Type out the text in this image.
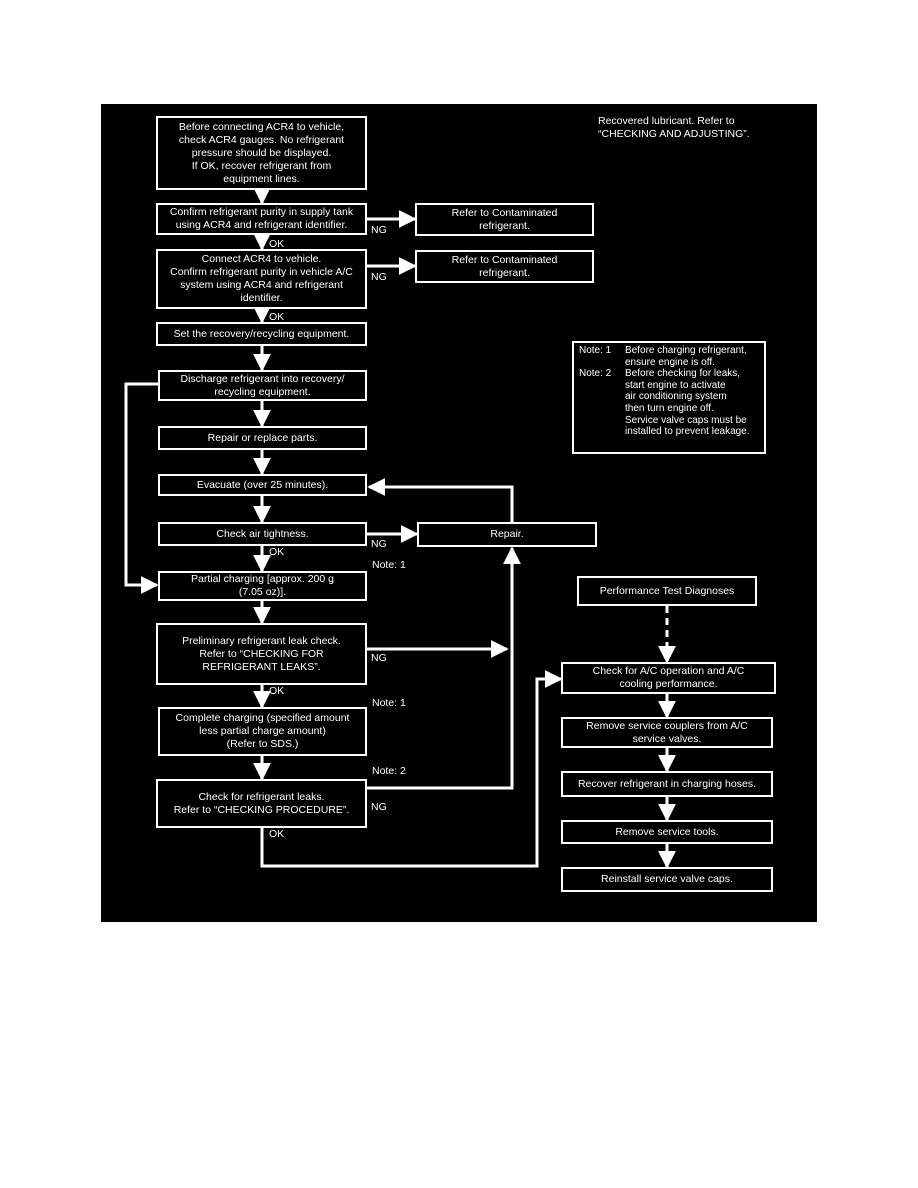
Recovered lubricant. Refer to
“CHECKING AND ADJUSTING”.
Before connecting ACR4 to vehicle,
check ACR4 gauges. No refrigerant
pressure should be displayed.
If OK, recover refrigerant from
equipment lines.
Confirm refrigerant purity in supply tank
using ACR4 and refrigerant identifier.
Refer to Contaminated
refrigerant.
Connect ACR4 to vehicle.
Confirm refrigerant purity in vehicle A/C
system using ACR4 and refrigerant
identifier.
Refer to Contaminated
refrigerant.
Set the recovery/recycling equipment.
Discharge refrigerant into recovery/
recycling equipment.
Repair or replace parts.
Evacuate (over 25 minutes).
Check air tightness.	Repair.
Partial charging [approx. 200 g
(7.05 oz)].
Preliminary refrigerant leak check.
Refer to “CHECKING FOR
REFRIGERANT LEAKS”.
Complete charging (specified amount
less partial charge amount)
(Refer to SDS.)
Check for refrigerant leaks.
Refer to “CHECKING PROCEDURE”.
Performance Test Diagnoses
Check for A/C operation and A/C
cooling performance.
Remove service couplers from A/C
service valves.
Recover refrigerant in charging hoses.
Remove service tools.
Reinstall service valve caps.
OK
OK
OK
OK
OK
NG
NG
NG
NG
NG
Note: 1
Note: 1
Note: 2
Note: 1	Before charging refrigerant,
ensure engine is off.
Note: 2	Before checking for leaks,
start engine to activate
air conditioning system
then turn engine off.
Service valve caps must be
installed to prevent leakage.
